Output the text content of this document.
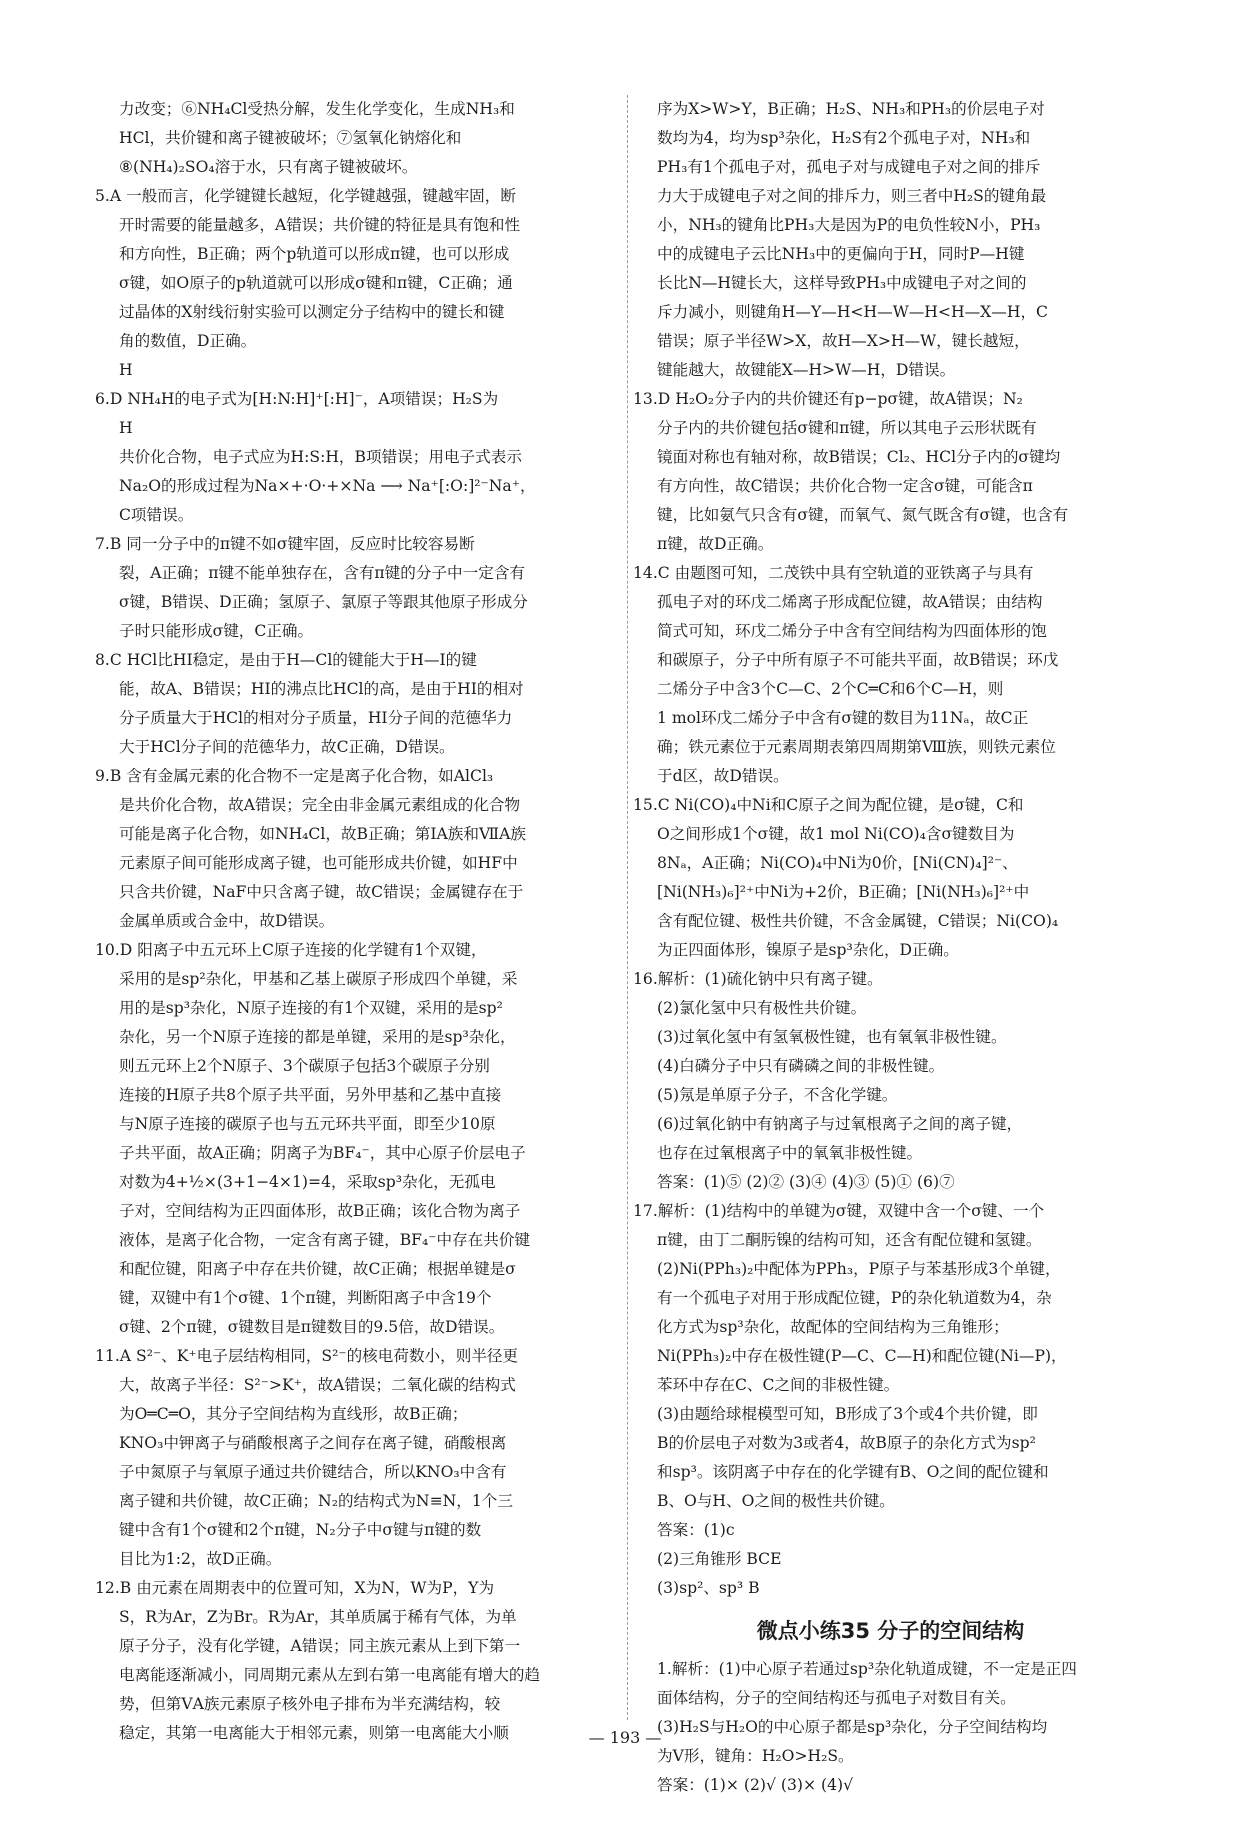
力改变；⑥NH₄Cl受热分解，发生化学变化，生成NH₃和
HCl，共价键和离子键被破坏；⑦氢氧化钠熔化和
⑧(NH₄)₂SO₄溶于水，只有离子键被破坏。
5.A 一般而言，化学键键长越短，化学键越强，键越牢固，断
开时需要的能量越多，A错误；共价键的特征是具有饱和性
和方向性，B正确；两个p轨道可以形成π键，也可以形成
σ键，如O原子的p轨道就可以形成σ键和π键，C正确；通
过晶体的X射线衍射实验可以测定分子结构中的键长和键
角的数值，D正确。
H
6.D NH₄H的电子式为[H:N:H]⁺[:H]⁻，A项错误；H₂S为
H
共价化合物，电子式应为H:S:H，B项错误；用电子式表示
Na₂O的形成过程为Na×+·O·+×Na ⟶ Na⁺[:O:]²⁻Na⁺，
C项错误。
7.B 同一分子中的π键不如σ键牢固，反应时比较容易断
裂，A正确；π键不能单独存在，含有π键的分子中一定含有
σ键，B错误、D正确；氢原子、氯原子等跟其他原子形成分
子时只能形成σ键，C正确。
8.C HCl比HI稳定，是由于H—Cl的键能大于H—I的键
能，故A、B错误；HI的沸点比HCl的高，是由于HI的相对
分子质量大于HCl的相对分子质量，HI分子间的范德华力
大于HCl分子间的范德华力，故C正确，D错误。
9.B 含有金属元素的化合物不一定是离子化合物，如AlCl₃
是共价化合物，故A错误；完全由非金属元素组成的化合物
可能是离子化合物，如NH₄Cl，故B正确；第ⅠA族和ⅦA族
元素原子间可能形成离子键，也可能形成共价键，如HF中
只含共价键，NaF中只含离子键，故C错误；金属键存在于
金属单质或合金中，故D错误。
10.D 阳离子中五元环上C原子连接的化学键有1个双键，
采用的是sp²杂化，甲基和乙基上碳原子形成四个单键，采
用的是sp³杂化，N原子连接的有1个双键，采用的是sp²
杂化，另一个N原子连接的都是单键，采用的是sp³杂化，
则五元环上2个N原子、3个碳原子包括3个碳原子分别
连接的H原子共8个原子共平面，另外甲基和乙基中直接
与N原子连接的碳原子也与五元环共平面，即至少10原
子共平面，故A正确；阴离子为BF₄⁻，其中心原子价层电子
对数为4+½×(3+1−4×1)=4，采取sp³杂化，无孤电
子对，空间结构为正四面体形，故B正确；该化合物为离子
液体，是离子化合物，一定含有离子键，BF₄⁻中存在共价键
和配位键，阳离子中存在共价键，故C正确；根据单键是σ
键，双键中有1个σ键、1个π键，判断阳离子中含19个
σ键、2个π键，σ键数目是π键数目的9.5倍，故D错误。
11.A S²⁻、K⁺电子层结构相同，S²⁻的核电荷数小，则半径更
大，故离子半径：S²⁻>K⁺，故A错误；二氧化碳的结构式
为O═C═O，其分子空间结构为直线形，故B正确；
KNO₃中钾离子与硝酸根离子之间存在离子键，硝酸根离
子中氮原子与氧原子通过共价键结合，所以KNO₃中含有
离子键和共价键，故C正确；N₂的结构式为N≡N，1个三
键中含有1个σ键和2个π键，N₂分子中σ键与π键的数
目比为1:2，故D正确。
12.B 由元素在周期表中的位置可知，X为N，W为P，Y为
S，R为Ar，Z为Br。R为Ar，其单质属于稀有气体，为单
原子分子，没有化学键，A错误；同主族元素从上到下第一
电离能逐渐减小，同周期元素从左到右第一电离能有增大的趋
势，但第ⅤA族元素原子核外电子排布为半充满结构，较
稳定，其第一电离能大于相邻元素，则第一电离能大小顺
序为X>W>Y，B正确；H₂S、NH₃和PH₃的价层电子对
数均为4，均为sp³杂化，H₂S有2个孤电子对，NH₃和
PH₃有1个孤电子对，孤电子对与成键电子对之间的排斥
力大于成键电子对之间的排斥力，则三者中H₂S的键角最
小，NH₃的键角比PH₃大是因为P的电负性较N小，PH₃
中的成键电子云比NH₃中的更偏向于H，同时P—H键
长比N—H键长大，这样导致PH₃中成键电子对之间的
斥力减小，则键角H—Y—H<H—W—H<H—X—H，C
错误；原子半径W>X，故H—X>H—W，键长越短，
键能越大，故键能X—H>W—H，D错误。
13.D H₂O₂分子内的共价键还有p−pσ键，故A错误；N₂
分子内的共价键包括σ键和π键，所以其电子云形状既有
镜面对称也有轴对称，故B错误；Cl₂、HCl分子内的σ键均
有方向性，故C错误；共价化合物一定含σ键，可能含π
键，比如氨气只含有σ键，而氧气、氮气既含有σ键，也含有
π键，故D正确。
14.C 由题图可知，二茂铁中具有空轨道的亚铁离子与具有
孤电子对的环戊二烯离子形成配位键，故A错误；由结构
简式可知，环戊二烯分子中含有空间结构为四面体形的饱
和碳原子，分子中所有原子不可能共平面，故B错误；环戊
二烯分子中含3个C—C、2个C═C和6个C—H，则
1 mol环戊二烯分子中含有σ键的数目为11Nₐ，故C正
确；铁元素位于元素周期表第四周期第Ⅷ族，则铁元素位
于d区，故D错误。
15.C Ni(CO)₄中Ni和C原子之间为配位键，是σ键，C和
O之间形成1个σ键，故1 mol Ni(CO)₄含σ键数目为
8Nₐ，A正确；Ni(CO)₄中Ni为0价，[Ni(CN)₄]²⁻、
[Ni(NH₃)₆]²⁺中Ni为+2价，B正确；[Ni(NH₃)₆]²⁺中
含有配位键、极性共价键，不含金属键，C错误；Ni(CO)₄
为正四面体形，镍原子是sp³杂化，D正确。
16.解析：(1)硫化钠中只有离子键。
(2)氯化氢中只有极性共价键。
(3)过氧化氢中有氢氧极性键，也有氧氧非极性键。
(4)白磷分子中只有磷磷之间的非极性键。
(5)氖是单原子分子，不含化学键。
(6)过氧化钠中有钠离子与过氧根离子之间的离子键，
也存在过氧根离子中的氧氧非极性键。
答案：(1)⑤ (2)② (3)④ (4)③ (5)① (6)⑦
17.解析：(1)结构中的单键为σ键，双键中含一个σ键、一个
π键，由丁二酮肟镍的结构可知，还含有配位键和氢键。
(2)Ni(PPh₃)₂中配体为PPh₃，P原子与苯基形成3个单键，
有一个孤电子对用于形成配位键，P的杂化轨道数为4，杂
化方式为sp³杂化，故配体的空间结构为三角锥形；
Ni(PPh₃)₂中存在极性键(P—C、C—H)和配位键(Ni—P)，
苯环中存在C、C之间的非极性键。
(3)由题给球棍模型可知，B形成了3个或4个共价键，即
B的价层电子对数为3或者4，故B原子的杂化方式为sp²
和sp³。该阴离子中存在的化学键有B、O之间的配位键和
B、O与H、O之间的极性共价键。
答案：(1)c
(2)三角锥形 BCE
(3)sp²、sp³ B
微点小练35 分子的空间结构
1.解析：(1)中心原子若通过sp³杂化轨道成键，不一定是正四
面体结构，分子的空间结构还与孤电子对数目有关。
(3)H₂S与H₂O的中心原子都是sp³杂化，分子空间结构均
为V形，键角：H₂O>H₂S。
答案：(1)× (2)√ (3)× (4)√
— 193 —
